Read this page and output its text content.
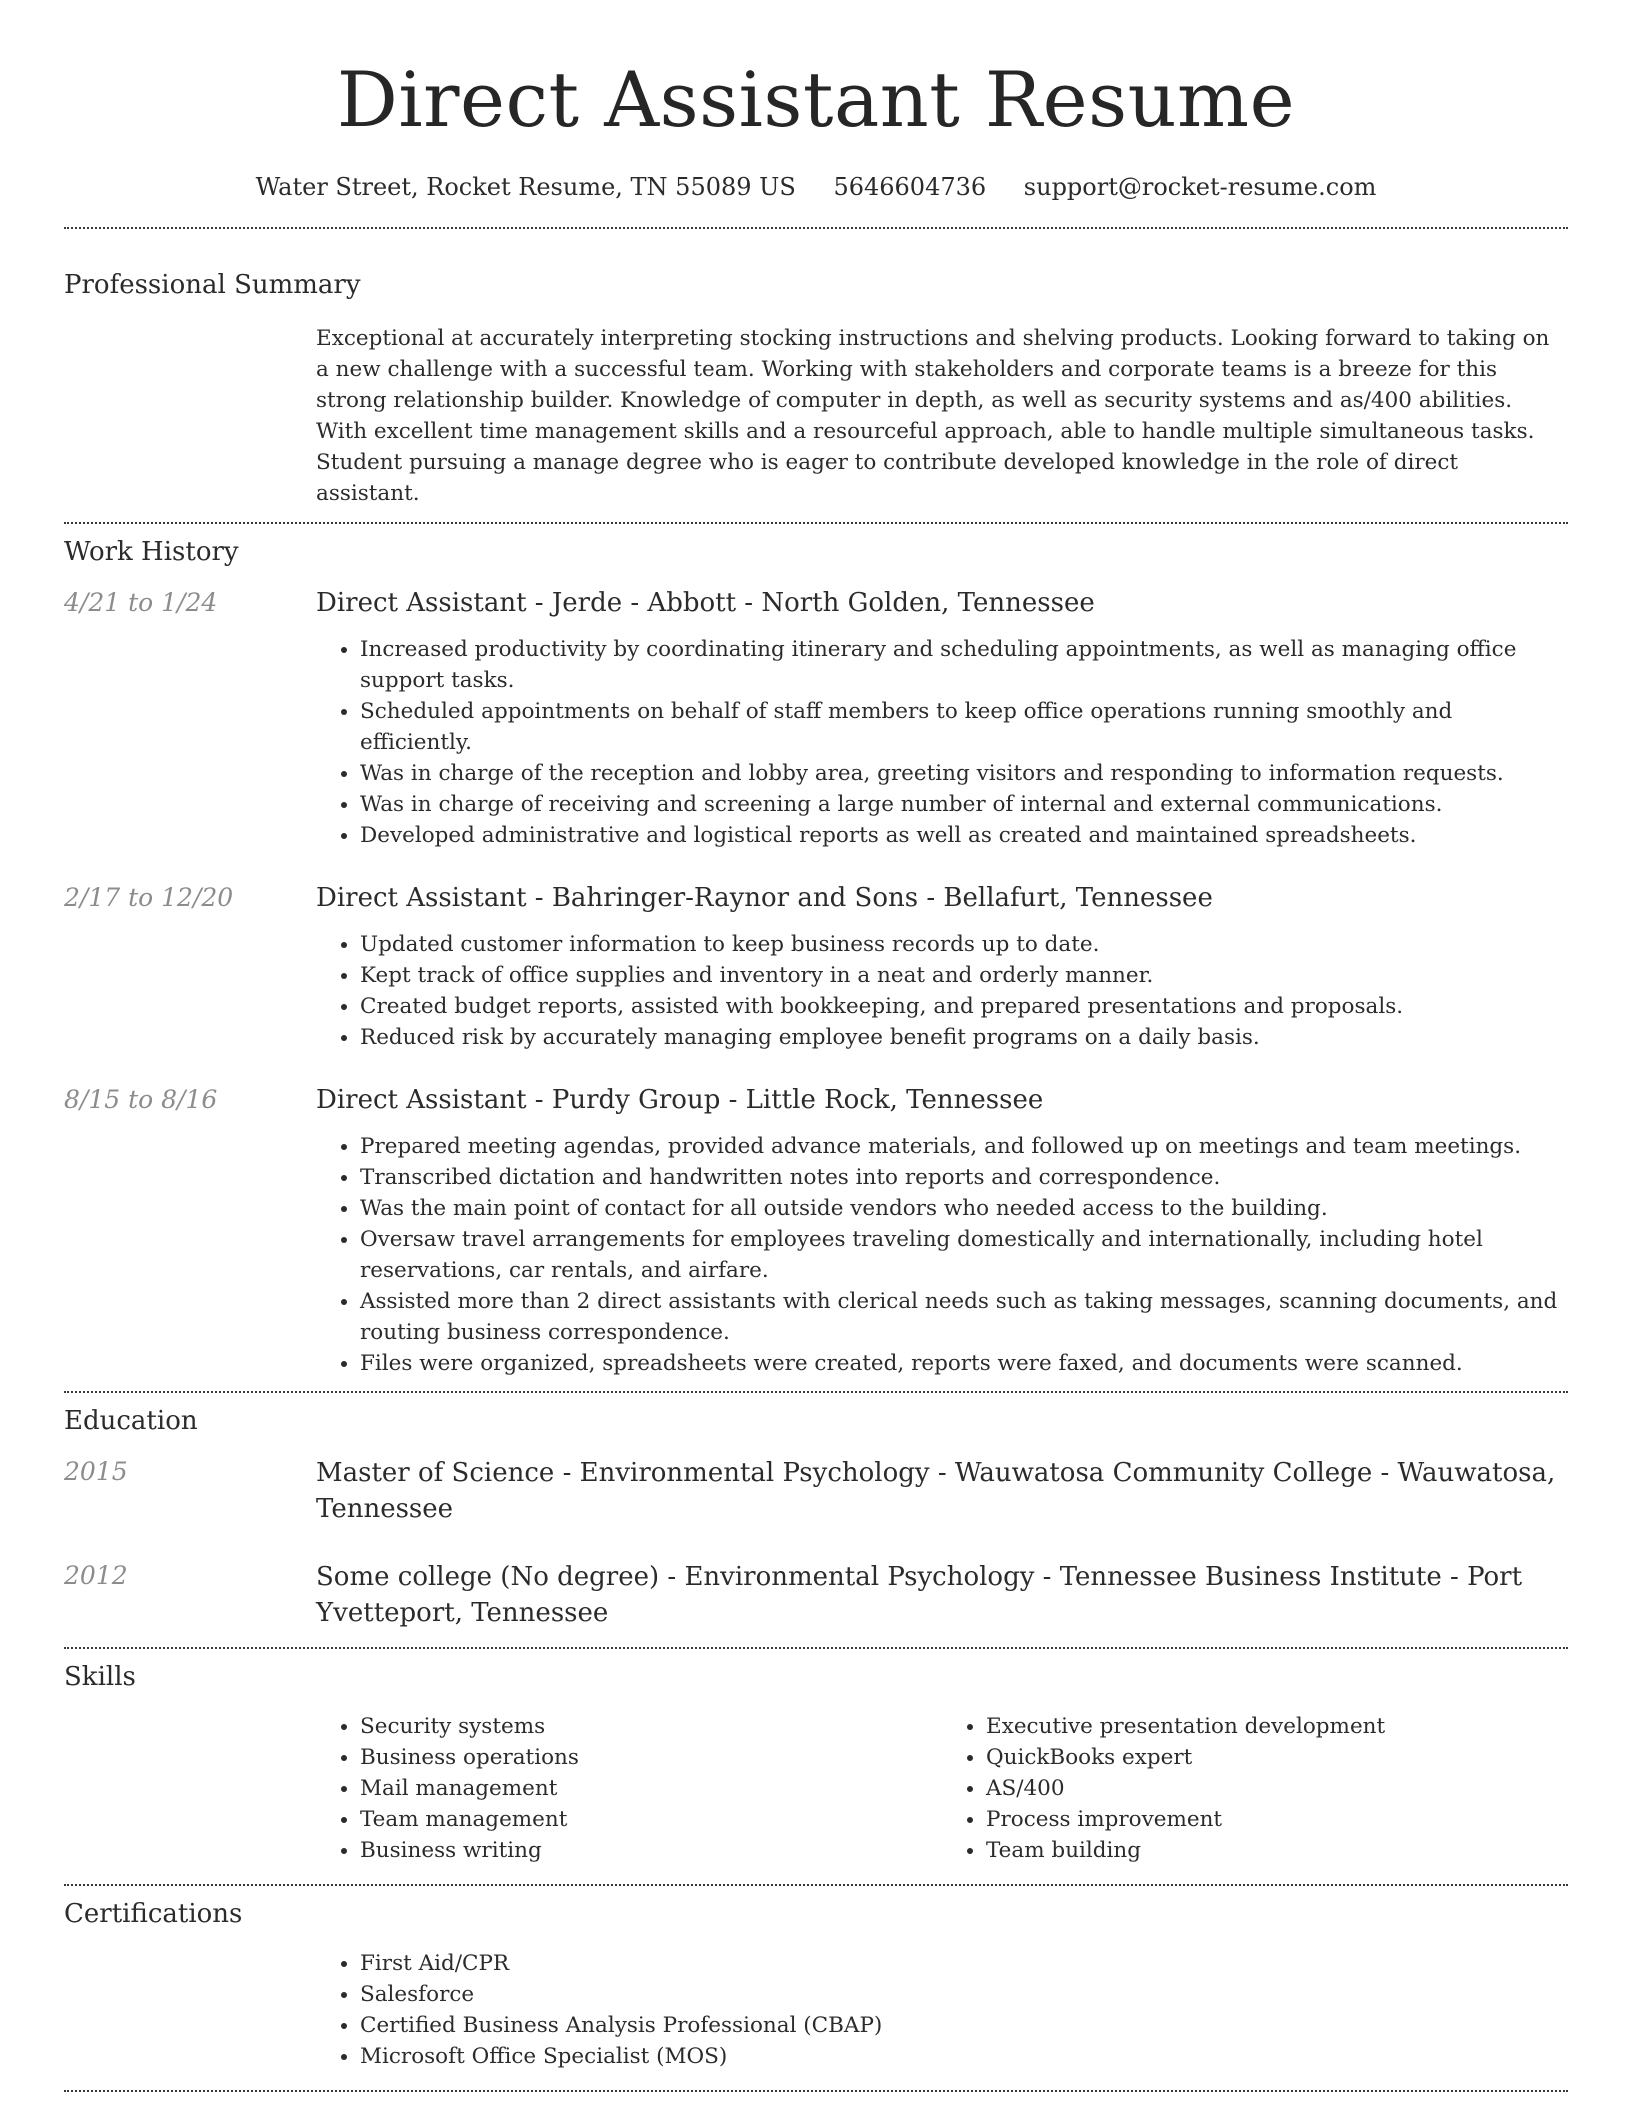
Direct Assistant Resume
Water Street, Rocket Resume, TN 55089 US 5646604736 support@rocket-resume.com
Professional Summary
Exceptional at accurately interpreting stocking instructions and shelving products. Looking forward to taking on a new challenge with a successful team. Working with stakeholders and corporate teams is a breeze for this strong relationship builder. Knowledge of computer in depth, as well as security systems and as/400 abilities. With excellent time management skills and a resourceful approach, able to handle multiple simultaneous tasks. Student pursuing a manage degree who is eager to contribute developed knowledge in the role of direct assistant.
Work History
4/21 to 1/24	Direct Assistant - Jerde - Abbott - North Golden, Tennessee
• Increased productivity by coordinating itinerary and scheduling appointments, as well as managing office support tasks.
• Scheduled appointments on behalf of staff members to keep office operations running smoothly and efficiently.
• Was in charge of the reception and lobby area, greeting visitors and responding to information requests.
• Was in charge of receiving and screening a large number of internal and external communications.
• Developed administrative and logistical reports as well as created and maintained spreadsheets.
2/17 to 12/20	Direct Assistant - Bahringer-Raynor and Sons - Bellafurt, Tennessee
• Updated customer information to keep business records up to date.
• Kept track of office supplies and inventory in a neat and orderly manner.
• Created budget reports, assisted with bookkeeping, and prepared presentations and proposals.
• Reduced risk by accurately managing employee benefit programs on a daily basis.
8/15 to 8/16	Direct Assistant - Purdy Group - Little Rock, Tennessee
• Prepared meeting agendas, provided advance materials, and followed up on meetings and team meetings.
• Transcribed dictation and handwritten notes into reports and correspondence.
• Was the main point of contact for all outside vendors who needed access to the building.
• Oversaw travel arrangements for employees traveling domestically and internationally, including hotel reservations, car rentals, and airfare.
• Assisted more than 2 direct assistants with clerical needs such as taking messages, scanning documents, and routing business correspondence.
• Files were organized, spreadsheets were created, reports were faxed, and documents were scanned.
Education
2015	Master of Science - Environmental Psychology - Wauwatosa Community College - Wauwatosa, Tennessee
2012	Some college (No degree) - Environmental Psychology - Tennessee Business Institute - Port Yvetteport, Tennessee
Skills
• Security systems
• Business operations
• Mail management
• Team management
• Business writing
• Executive presentation development
• QuickBooks expert
• AS/400
• Process improvement
• Team building
Certifications
• First Aid/CPR
• Salesforce
• Certified Business Analysis Professional (CBAP)
• Microsoft Office Specialist (MOS)
